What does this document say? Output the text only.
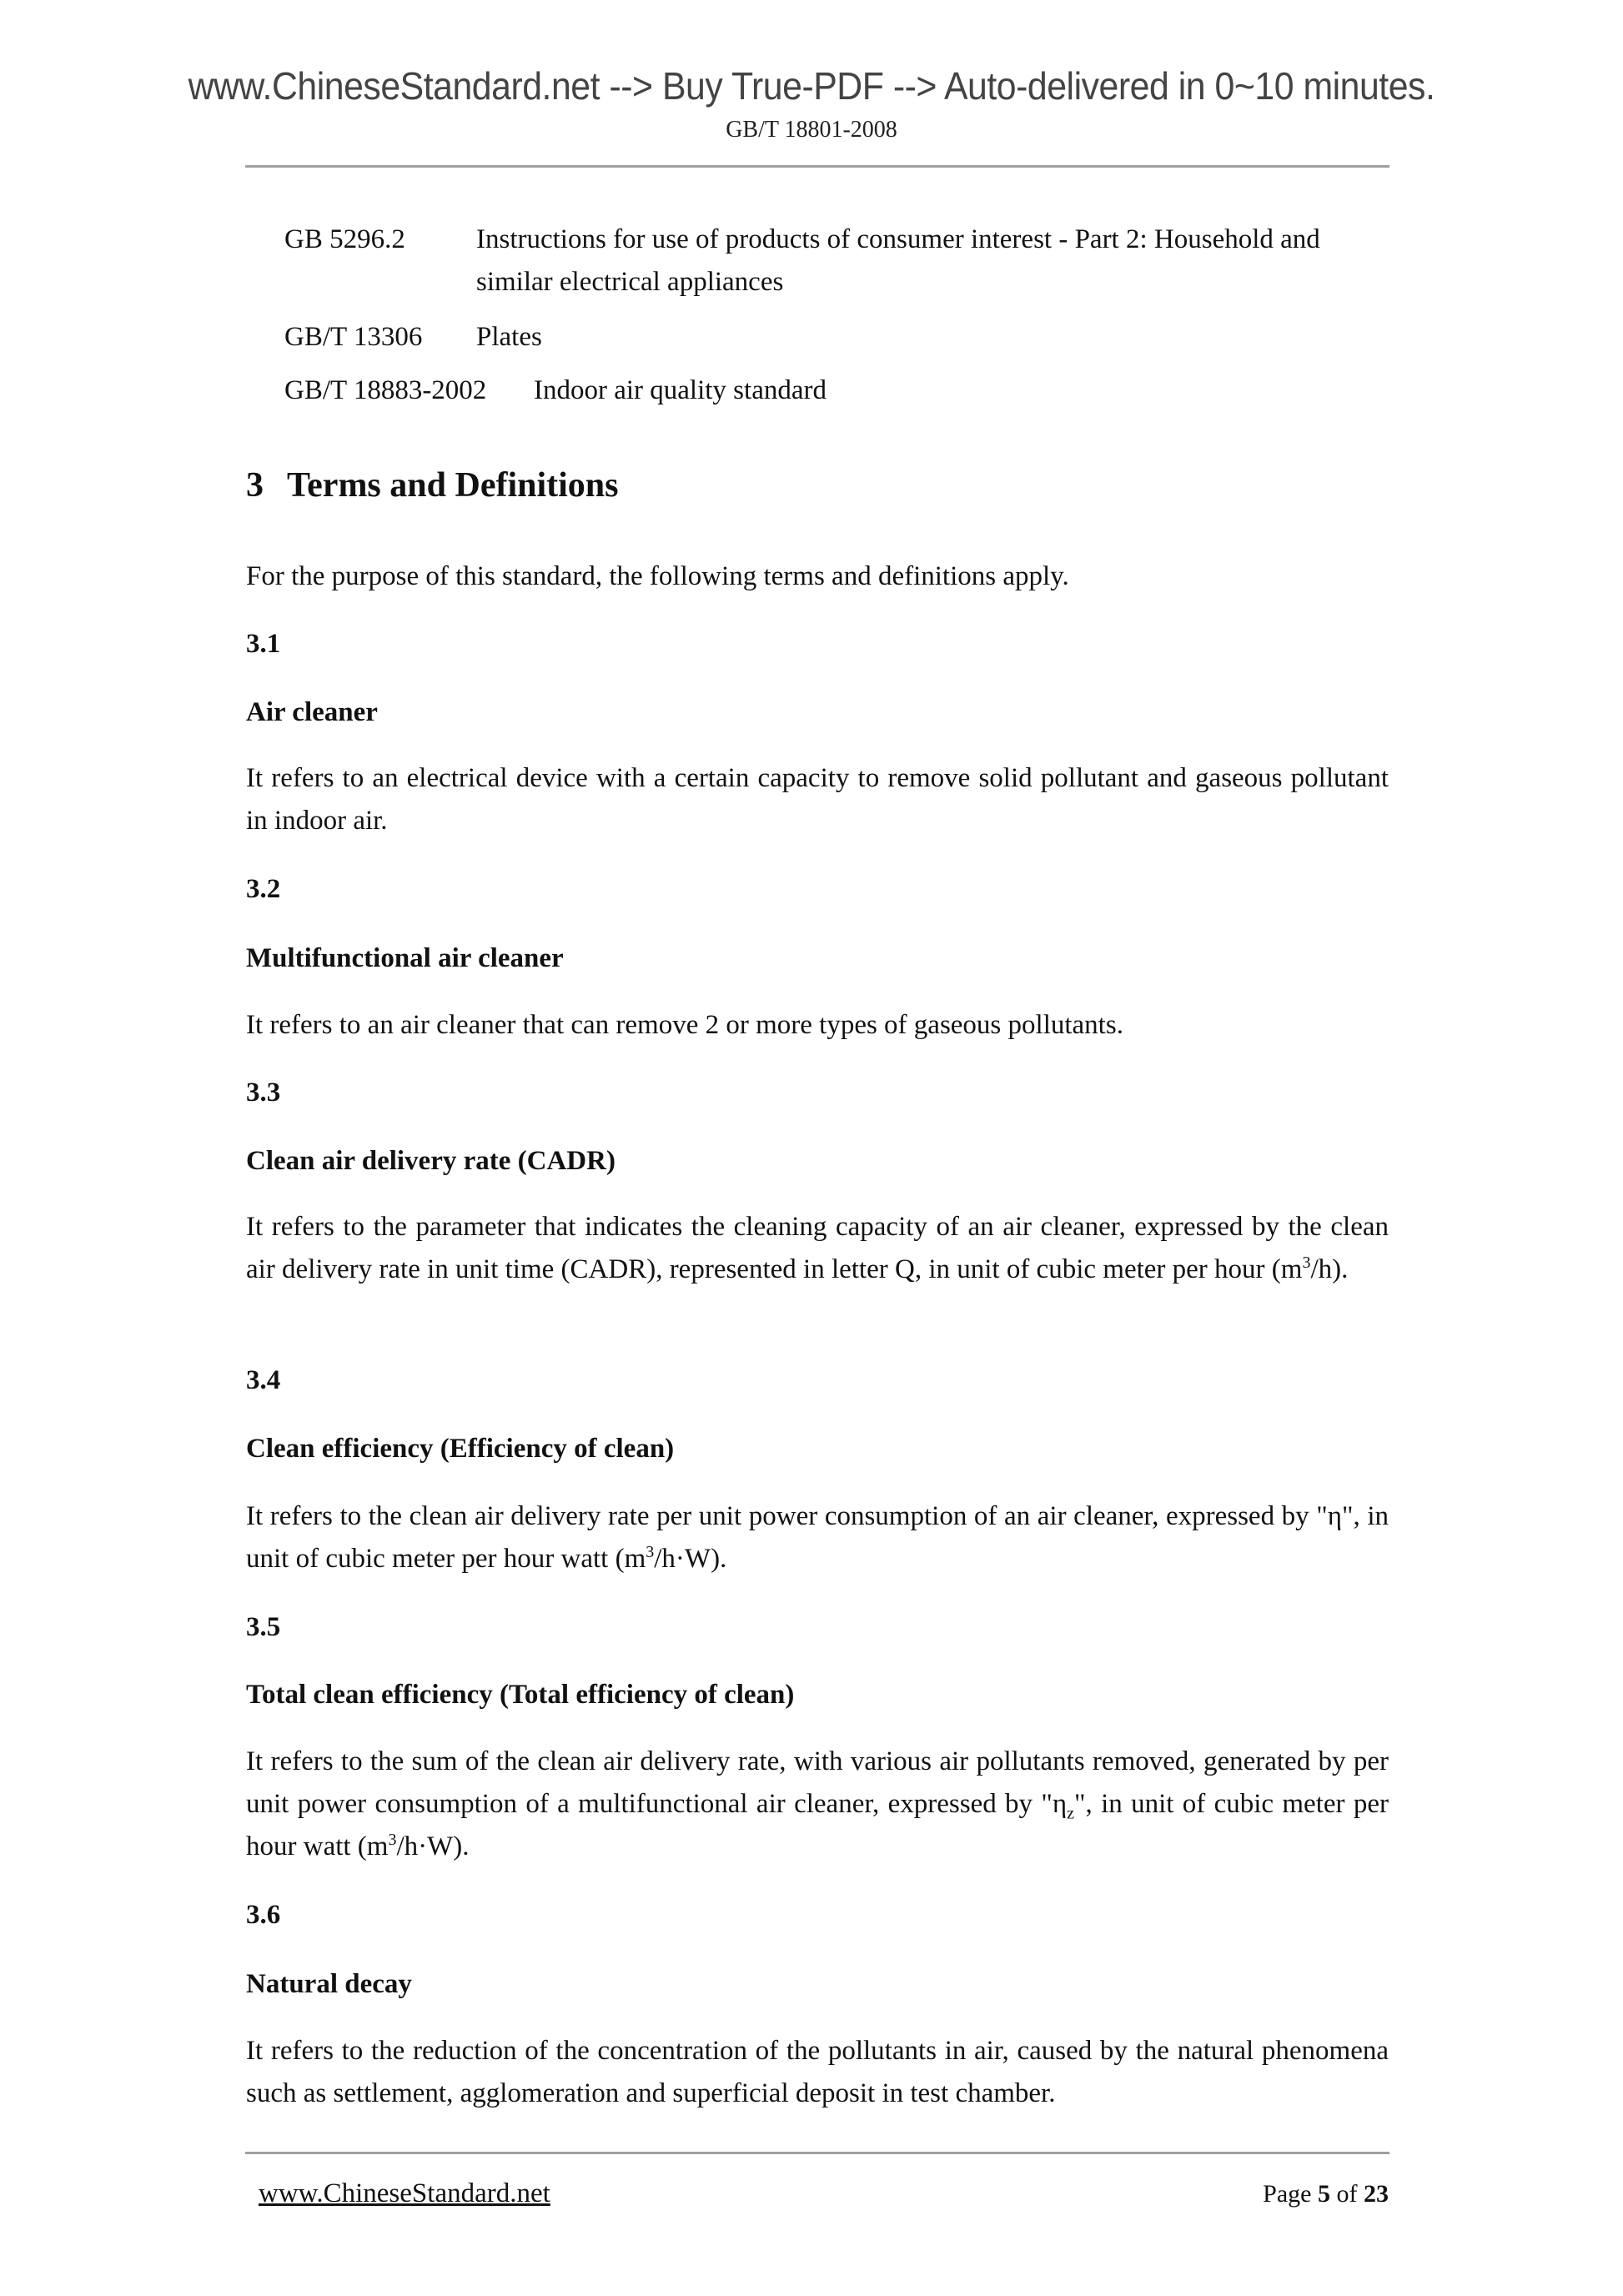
www.ChineseStandard.net --> Buy True-PDF --> Auto-delivered in 0~10 minutes.
GB/T 18801-2008
GB 5296.2	Instructions for use of products of consumer interest - Part 2: Household and similar electrical appliances
GB/T 13306 Plates
GB/T 18883-2002 Indoor air quality standard
3 Terms and Definitions
For the purpose of this standard, the following terms and definitions apply.
3.1
Air cleaner
It refers to an electrical device with a certain capacity to remove solid pollutant and gaseous pollutant in indoor air.
3.2
Multifunctional air cleaner
It refers to an air cleaner that can remove 2 or more types of gaseous pollutants.
3.3
Clean air delivery rate (CADR)
It refers to the parameter that indicates the cleaning capacity of an air cleaner, expressed by the clean air delivery rate in unit time (CADR), represented in letter Q, in unit of cubic meter per hour $(m^3/h)$.
3.4
Clean efficiency (Efficiency of clean)
It refers to the clean air delivery rate per unit power consumption of an air cleaner, expressed by "η", in unit of cubic meter per hour watt $(m^3/h\cdot W)$.
3.5
Total clean efficiency (Total efficiency of clean)
It refers to the sum of the clean air delivery rate, with various air pollutants removed, generated by per unit power consumption of a multifunctional air cleaner, expressed by "$\eta_z$", in unit of cubic meter per hour watt $(m^3/h\cdot W)$.
3.6
Natural decay
It refers to the reduction of the concentration of the pollutants in air, caused by the natural phenomena such as settlement, agglomeration and superficial deposit in test chamber.
www.ChineseStandard.net	Page 5 of 23
